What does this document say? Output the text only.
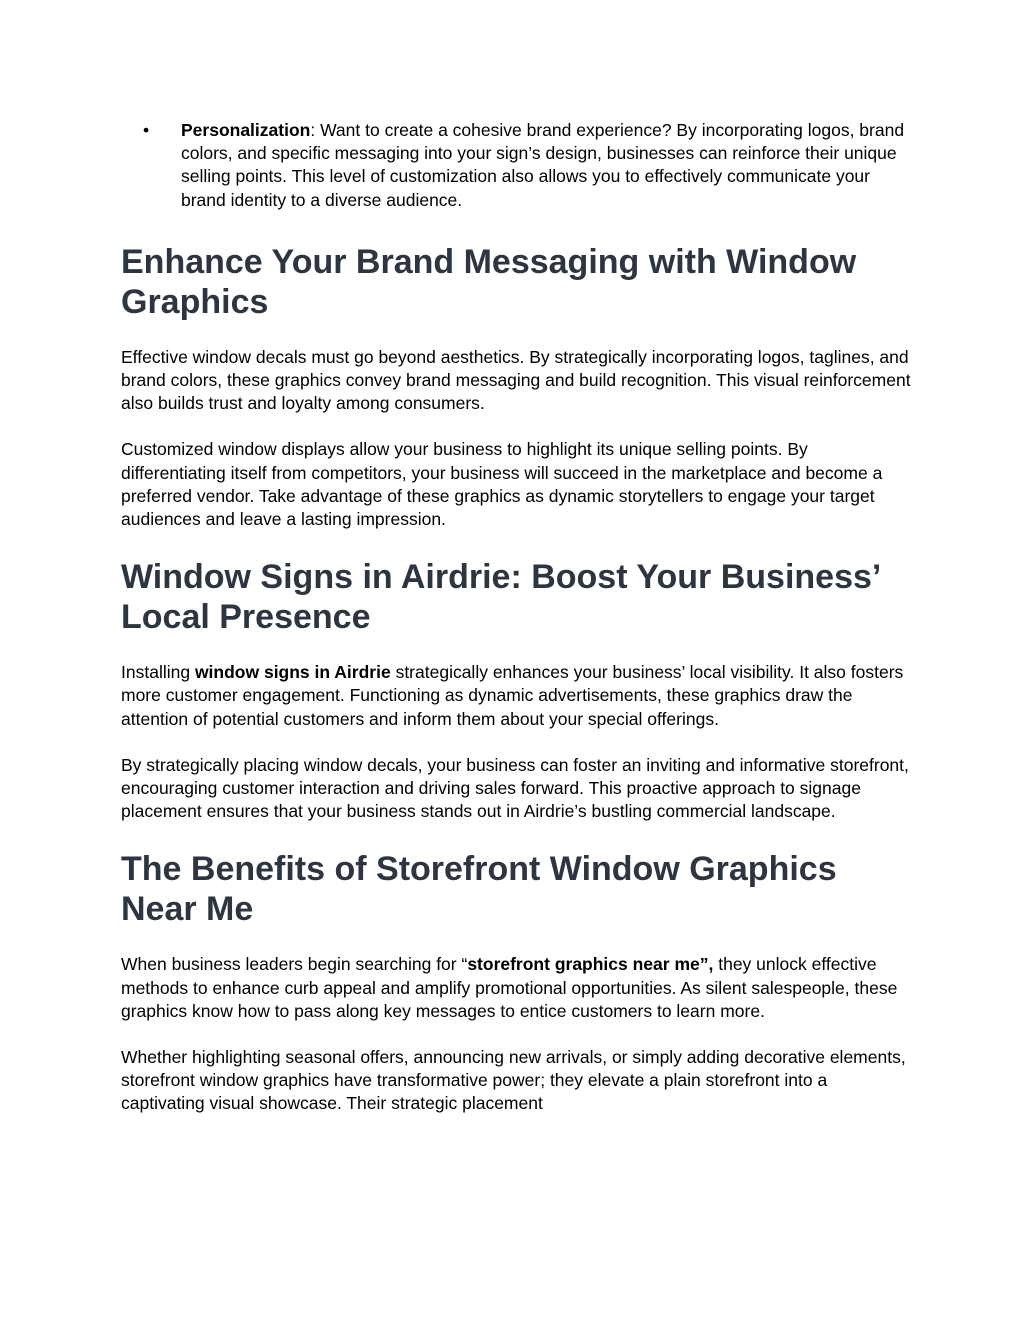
• Personalization: Want to create a cohesive brand experience? By incorporating logos, brand colors, and specific messaging into your sign’s design, businesses can reinforce their unique selling points. This level of customization also allows you to effectively communicate your brand identity to a diverse audience.
Enhance Your Brand Messaging with Window Graphics

Effective window decals must go beyond aesthetics. By strategically incorporating logos, taglines, and brand colors, these graphics convey brand messaging and build recognition. This visual reinforcement also builds trust and loyalty among consumers.

Customized window displays allow your business to highlight its unique selling points. By differentiating itself from competitors, your business will succeed in the marketplace and become a preferred vendor. Take advantage of these graphics as dynamic storytellers to engage your target audiences and leave a lasting impression.

Window Signs in Airdrie: Boost Your Business’ Local Presence

Installing window signs in Airdrie strategically enhances your business’ local visibility. It also fosters more customer engagement. Functioning as dynamic advertisements, these graphics draw the attention of potential customers and inform them about your special offerings.

By strategically placing window decals, your business can foster an inviting and informative storefront, encouraging customer interaction and driving sales forward. This proactive approach to signage placement ensures that your business stands out in Airdrie’s bustling commercial landscape.

The Benefits of Storefront Window Graphics Near Me

When business leaders begin searching for “storefront graphics near me”, they unlock effective methods to enhance curb appeal and amplify promotional opportunities. As silent salespeople, these graphics know how to pass along key messages to entice customers to learn more.

Whether highlighting seasonal offers, announcing new arrivals, or simply adding decorative elements, storefront window graphics have transformative power; they elevate a plain storefront into a captivating visual showcase. Their strategic placement
